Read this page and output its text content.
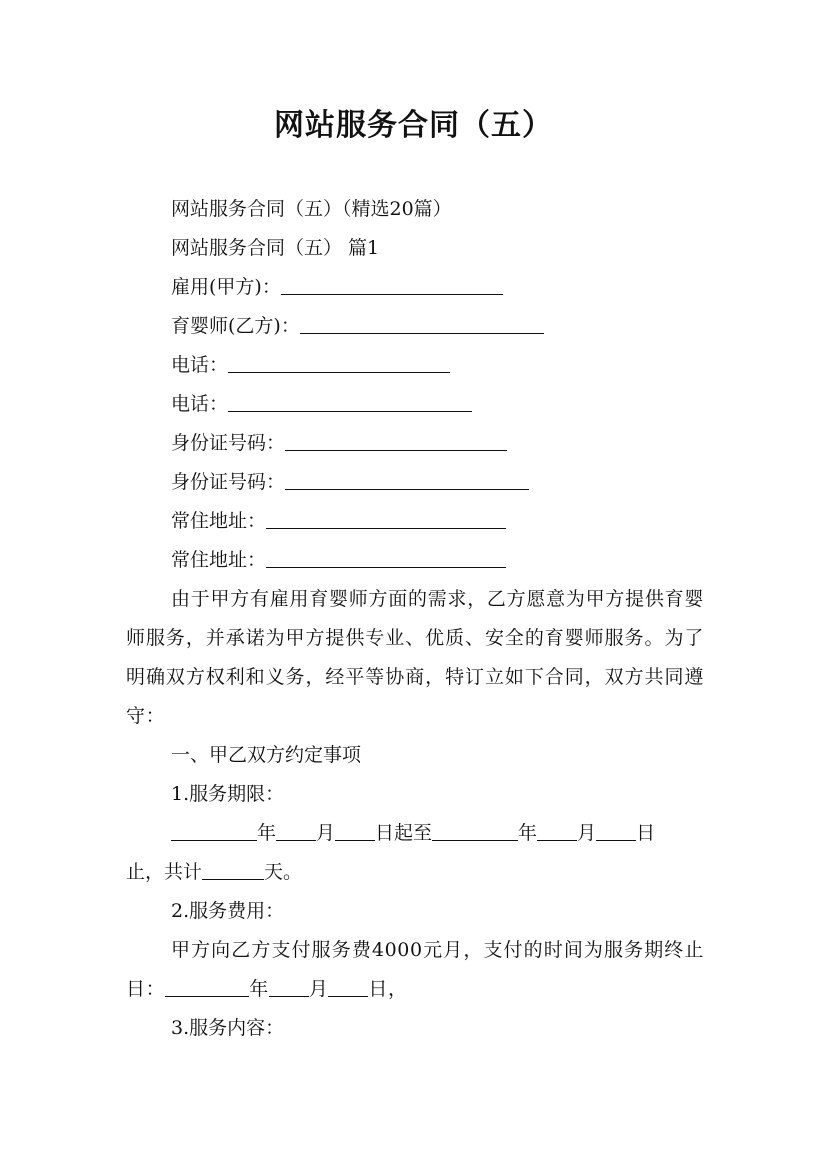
网站服务合同（五）

网站服务合同（五）（精选20篇）

网站服务合同（五） 篇1

雇用(甲方)：

育婴师(乙方)：

电话：

电话：

身份证号码：

身份证号码：

常住地址：

常住地址：

由于甲方有雇用育婴师方面的需求，乙方愿意为甲方提供育婴师服务，并承诺为甲方提供专业、优质、安全的育婴师服务。为了明确双方权利和义务，经平等协商，特订立如下合同，双方共同遵守：

一、甲乙双方约定事项

1.服务期限：

年 月 日起至	年 月 日

止，共计	天。

2.服务费用：

甲方向乙方支付服务费4000元月，支付的时间为服务期终止日：	年 月 日，

3.服务内容：
